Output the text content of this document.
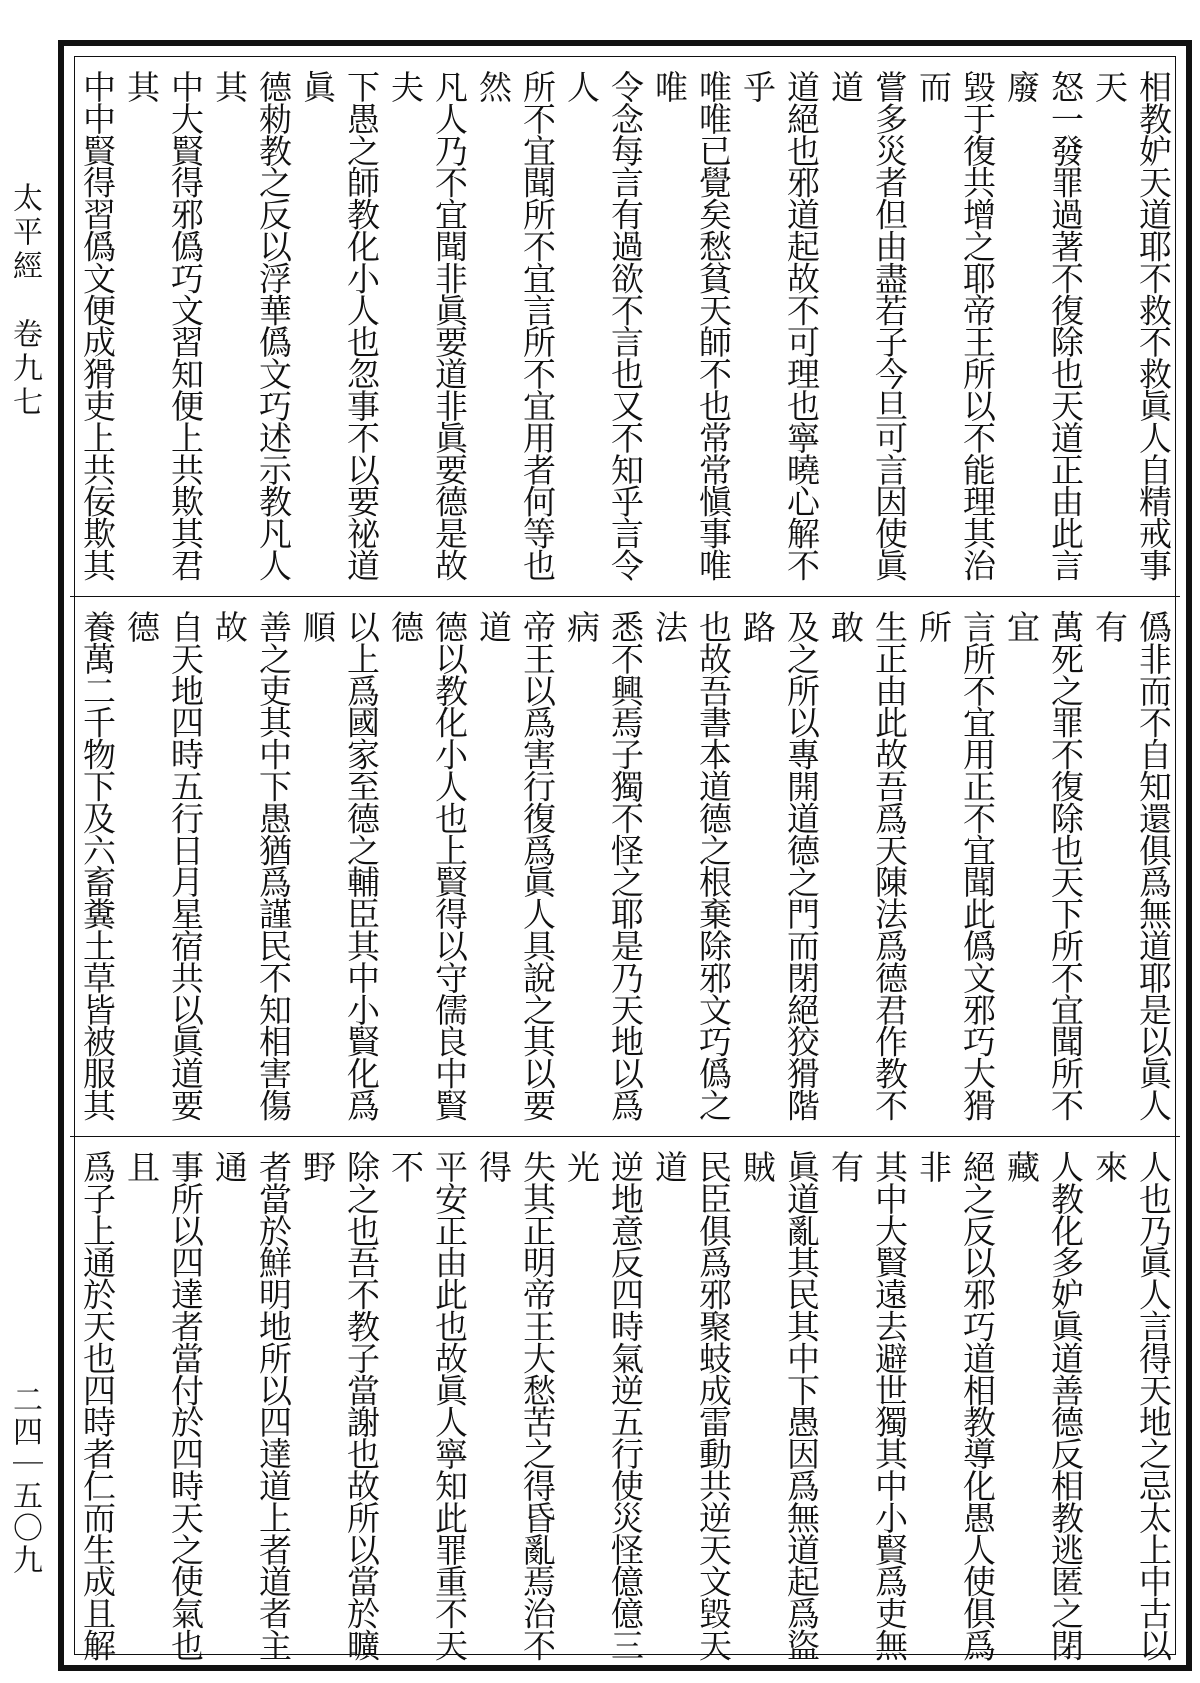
太平經　卷九七
二四｜五〇九
相教妒天道耶不救不救眞人自精戒事天
怒一發罪過著不復除也天道正由此言廢
毀于復共增之耶帝王所以不能理其治而
嘗多災者但由盡若子今旦可言因使眞道
道絕也邪道起故不可理也寧曉心解不乎
唯唯已覺矣愁貧天師不也常常愼事唯唯
令念每言有過欲不言也又不知乎言令人
所不宜聞所不宜言所不宜用者何等也然
凡人乃不宜聞非眞要道非眞要德是故夫
下愚之師教化小人也忽事不以要祕道眞
德勑教之反以浮華僞文巧述示教凡人其
中大賢得邪僞巧文習知便上共欺其君其
中中賢得習僞文便成猾吏上共佞欺其

僞非而不自知還俱爲無道耶是以眞人有
萬死之罪不復除也天下所不宜聞所不宜
言所不宜用正不宜聞此僞文邪巧大猾所
生正由此故吾爲天陳法爲德君作教不敢
及之所以專開道德之門而閉絕狡猾階路
也故吾書本道德之根棄除邪文巧僞之法
悉不興焉子獨不怪之耶是乃天地以爲病
帝王以爲害行復爲眞人具說之其以要道
德以教化小人也上賢得以守儒良中賢德
以上爲國家至德之輔臣其中小賢化爲順
善之吏其中下愚猶爲謹民不知相害傷故
自天地四時五行日月星宿共以眞道要德
養萬二千物下及六畜糞土草皆被服其

人也乃眞人言得天地之忌太上中古以來
人教化多妒眞道善德反相教逃匿之閉藏
絕之反以邪巧道相教導化愚人使俱爲非
其中大賢遠去避世獨其中小賢爲吏無有
眞道亂其民其中下愚因爲無道起爲盜賊
民臣俱爲邪聚蚑成雷動共逆天文毀天道
逆地意反四時氣逆五行使災怪億億三光
失其正明帝王大愁苦之得昏亂焉治不得
平安正由此也故眞人寧知此罪重不天不
除之也吾不教子當謝也故所以當於曠野
者當於鮮明地所以四達道上者道者主通
事所以四達者當付於四時天之使氣也且
爲子上通於天也四時者仁而生成且解
